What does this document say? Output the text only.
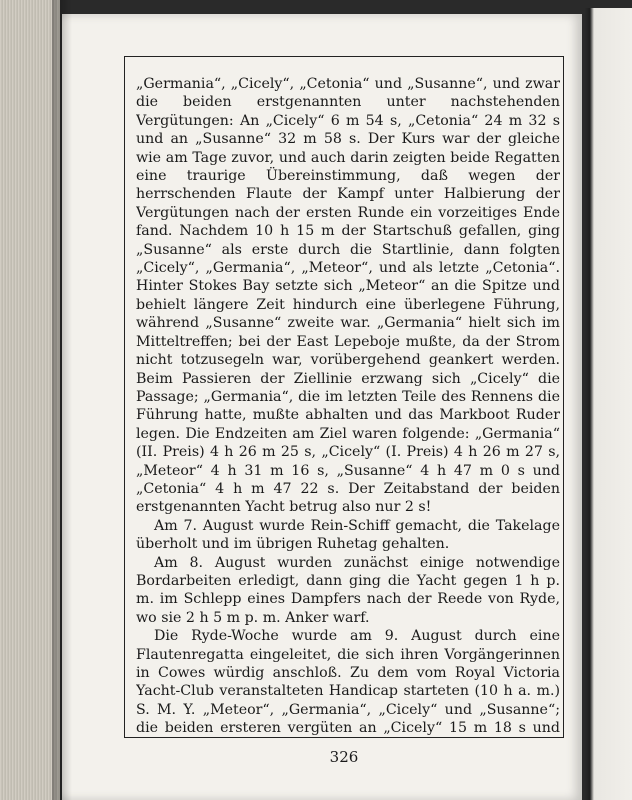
„Germania“, „Cicely“, „Cetonia“ und „Susanne“, und zwar die beiden erstgenannten unter nachstehenden Vergütungen: An „Cicely“ 6 m 54 s, „Cetonia“ 24 m 32 s und an „Susanne“ 32 m 58 s. Der Kurs war der gleiche wie am Tage zuvor, und auch darin zeigten beide Regatten eine traurige Übereinstimmung, daß wegen der herrschenden Flaute der Kampf unter Halbierung der Vergütungen nach der ersten Runde ein vorzeitiges Ende fand. Nachdem 10 h 15 m der Startschuß gefallen, ging „Susanne“ als erste durch die Startlinie, dann folgten „Cicely“, „Germania“, „Meteor“, und als letzte „Cetonia“. Hinter Stokes Bay setzte sich „Meteor“ an die Spitze und behielt längere Zeit hindurch eine überlegene Führung, während „Susanne“ zweite war. „Germania“ hielt sich im Mitteltreffen; bei der East Lepeboje mußte, da der Strom nicht totzusegeln war, vorübergehend geankert werden. Beim Passieren der Ziellinie erzwang sich „Cicely“ die Passage; „Germania“, die im letzten Teile des Rennens die Führung hatte, mußte abhalten und das Markboot Ruder legen. Die Endzeiten am Ziel waren folgende: „Germania“ (II. Preis) 4 h 26 m 25 s, „Cicely“ (I. Preis) 4 h 26 m 27 s, „Meteor“ 4 h 31 m 16 s, „Susanne“ 4 h 47 m 0 s und „Cetonia“ 4 h m 47 22 s. Der Zeitabstand der beiden erstgenannten Yacht betrug also nur 2 s!

Am 7. August wurde Rein-Schiff gemacht, die Takelage überholt und im übrigen Ruhetag gehalten.

Am 8. August wurden zunächst einige notwendige Bordarbeiten erledigt, dann ging die Yacht gegen 1 h p. m. im Schlepp eines Dampfers nach der Reede von Ryde, wo sie 2 h 5 m p. m. Anker warf.

Die Ryde-Woche wurde am 9. August durch eine Flautenregatta eingeleitet, die sich ihren Vorgängerinnen in Cowes würdig anschloß. Zu dem vom Royal Victoria Yacht-Club veranstalteten Handicap starteten (10 h a. m.) S. M. Y. „Meteor“, „Germania“, „Cicely“ und „Susanne“; die beiden ersteren vergüten an „Cicely“ 15 m 18 s und

326
